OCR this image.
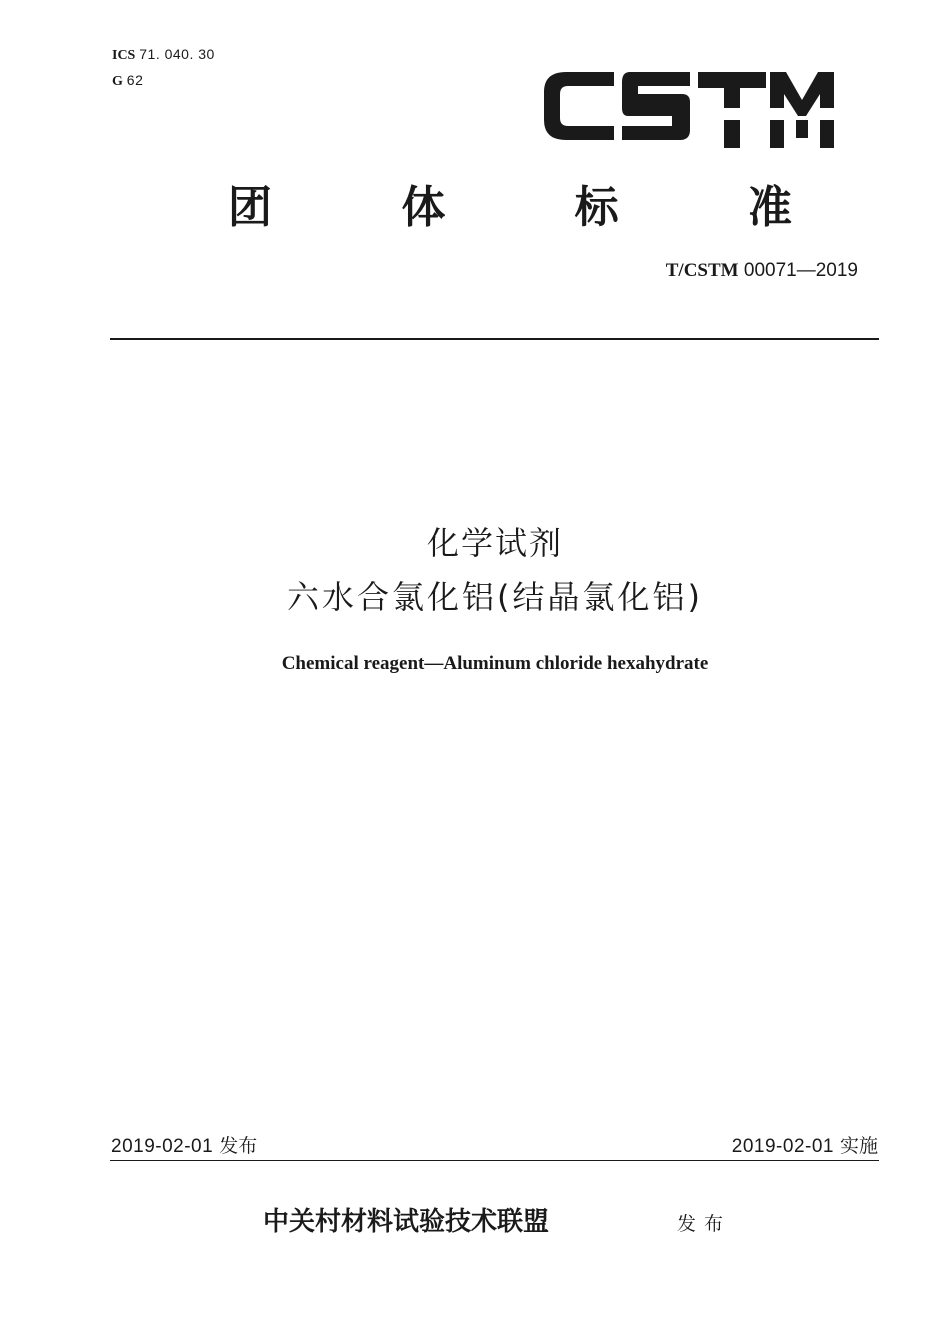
ICS 71. 040. 30
G 62
团	体	标	准
T/CSTM 00071—2019
化学试剂
六水合氯化铝(结晶氯化铝)
Chemical reagent—Aluminum chloride hexahydrate
2019-02-01 发布	2019-02-01 实施
中关村材料试验技术联盟	发布
